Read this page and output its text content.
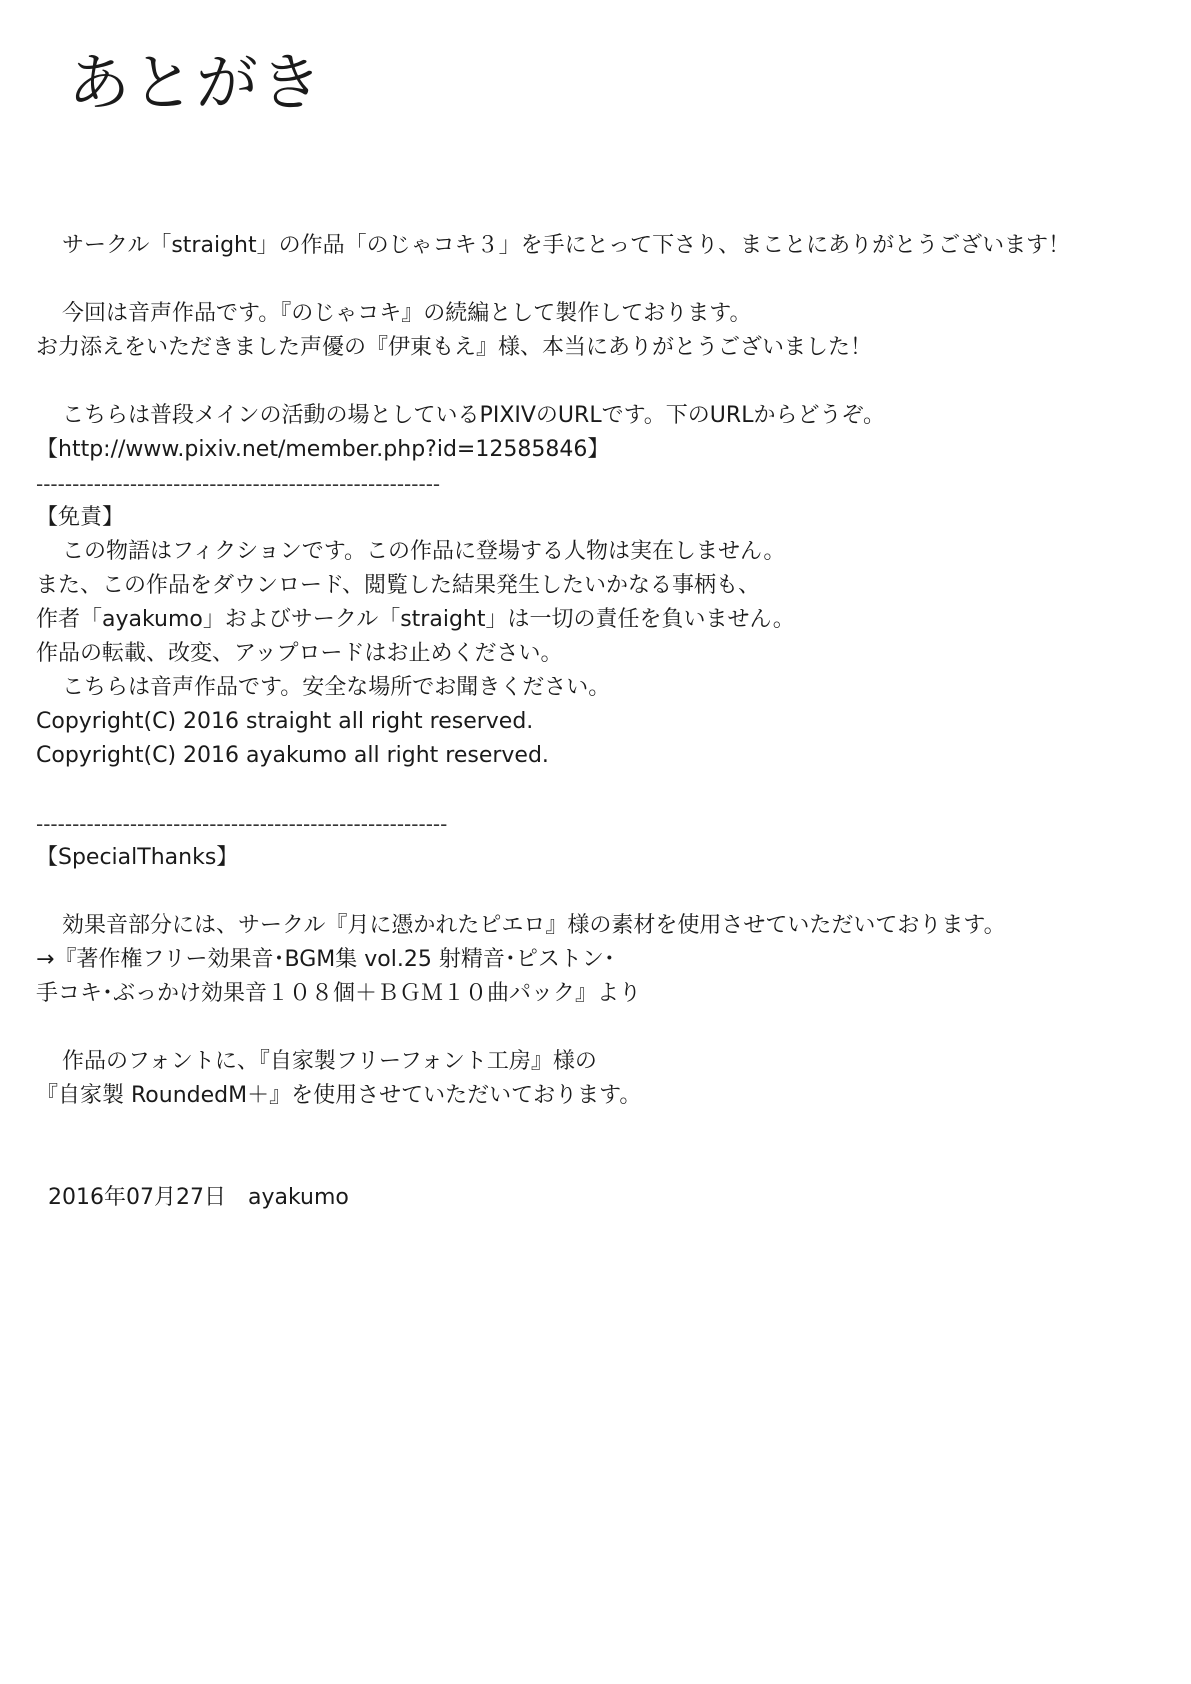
あとがき
サークル「straight」の作品「のじゃコキ３」を手にとって下さり、まことにありがとうございます！
今回は音声作品です。『のじゃコキ』の続編として製作しております。
お力添えをいただきました声優の『伊東もえ』様、本当にありがとうございました！
こちらは普段メインの活動の場としているPIXIVのURLです。下のURLからどうぞ。
【http://www.pixiv.net/member.php?id=12585846】
--------------------------------------------------------
【免責】
この物語はフィクションです。この作品に登場する人物は実在しません。
また、この作品をダウンロード、閲覧した結果発生したいかなる事柄も、
作者「ayakumo」およびサークル「straight」は一切の責任を負いません。
作品の転載、改変、アップロードはお止めください。
こちらは音声作品です。安全な場所でお聞きください。
Copyright(C) 2016 straight all right reserved.
Copyright(C) 2016 ayakumo all right reserved.
---------------------------------------------------------
【SpecialThanks】
効果音部分には、サークル『月に憑かれたピエロ』様の素材を使用させていただいております。
→『著作権フリー効果音･BGM集 vol.25 射精音･ピストン･
手コキ･ぶっかけ効果音１０８個＋ＢＧＭ１０曲パック』より
作品のフォントに、『自家製フリーフォント工房』様の
『自家製 RoundedM＋』を使用させていただいております。
2016年07月27日　ayakumo
